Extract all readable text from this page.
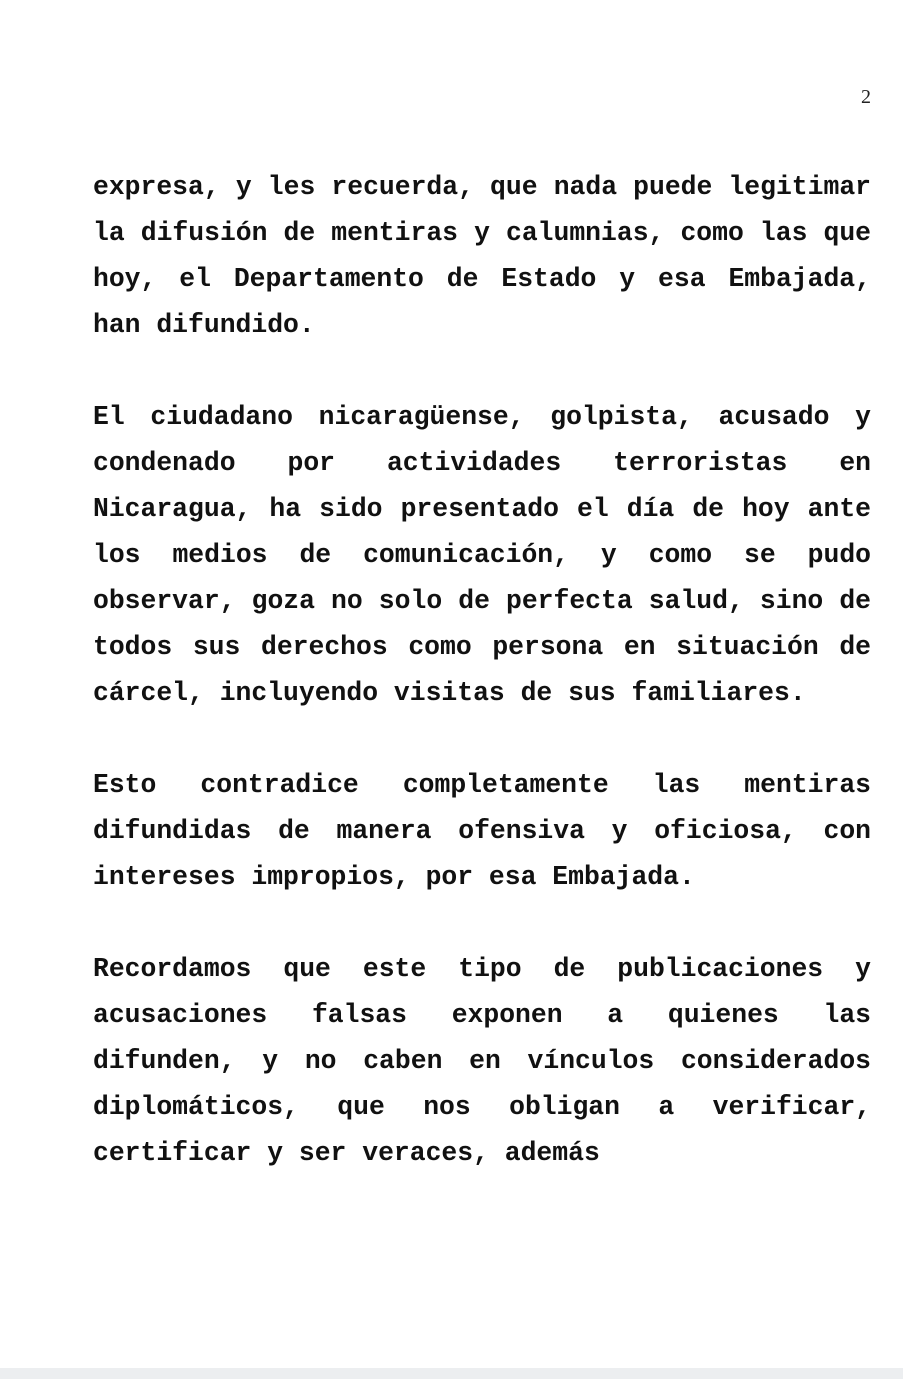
2

expresa, y les recuerda, que nada puede legitimar la difusión de mentiras y calumnias, como las que hoy, el Departamento de Estado y esa Embajada, han difundido.

El ciudadano nicaragüense, golpista, acusado y condenado por actividades terroristas en Nicaragua, ha sido presentado el día de hoy ante los medios de comunicación, y como se pudo observar, goza no solo de perfecta salud, sino de todos sus derechos como persona en situación de cárcel, incluyendo visitas de sus familiares.

Esto contradice completamente las mentiras difundidas de manera ofensiva y oficiosa, con intereses impropios, por esa Embajada.

Recordamos que este tipo de publicaciones y acusaciones falsas exponen a quienes las difunden, y no caben en vínculos considerados diplomáticos, que nos obligan a verificar, certificar y ser veraces, además
